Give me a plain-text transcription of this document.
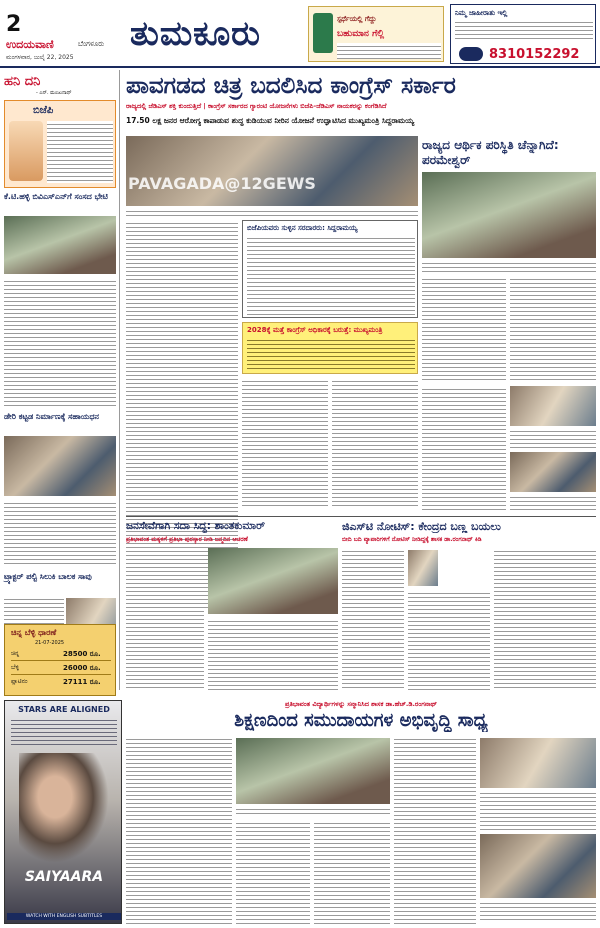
2
ಉದಯವಾಣಿ	ಬೆಂಗಳೂರು
ಮಂಗಳವಾರ, ಜುಲೈ 22, 2025
ತುಮಕೂರು	ಸ್ಪರ್ಧೆಯಲ್ಲಿ ಗೆದ್ದು
ಬಹುಮಾನ ಗೆಲ್ಲಿ
ನಿಮ್ಮ ಜಾಹೀರಾತು ಇಲ್ಲಿ
8310152292
ಹನಿ ದನಿ
- ಎನ್. ಮಂಜುನಾಥ್
ಬಿಜೆಪಿ
ಕೆ.ಟಿ.ಹಳ್ಳಿ ಬಿವಿಎಸ್‌ಎನ್‌ಗೆ ಸಂಸದ ಭೇಟಿ
ಡೇರಿ ಕಟ್ಟಡ ನಿರ್ಮಾಣಕ್ಕೆ ಸಹಾಯಧನ
ಟ್ರ್ಯಾಕ್ಟರ್ ಪಲ್ಟಿ ಸಿಲುಕಿ ಬಾಲಕ ಸಾವು
ಚಿನ್ನ ಬೆಳ್ಳಿ ಧಾರಣೆ
21-07-2025
ಚಿನ್ನ	28500 ರೂ.
ಬೆಳ್ಳಿ	26000 ರೂ.
ಪ್ಲಾಟಿನಂ	27111 ರೂ.
ಪಾವಗಡದ ಚಿತ್ರ ಬದಲಿಸಿದ ಕಾಂಗ್ರೆಸ್ ಸರ್ಕಾರ
ರಾಜ್ಯದಲ್ಲಿ ಜೆಡಿಎಸ್ ಶಕ್ತಿ ಕುಂದುತ್ತಿದೆ | ಕಾಂಗ್ರೆಸ್ ಸರ್ಕಾರದ ಗ್ಯಾರಂಟಿ ಯೋಜನೆಗಳು ಬಿಜೆಪಿ-ಜೆಡಿಎಸ್ ನಾಯಕರನ್ನು ಕಂಗೆಡಿಸಿದೆ
17.50 ಲಕ್ಷ ಜನರ ಆರೋಗ್ಯ ಕಾಪಾಡುವ ಶುದ್ಧ ಕುಡಿಯುವ ನೀರಿನ ಯೋಜನೆ ಉದ್ಘಾಟಿಸಿದ ಮುಖ್ಯಮಂತ್ರಿ ಸಿದ್ದರಾಮಯ್ಯ
PAVAGADA@12GEWS
ಬಿಜೆಪಿಯವರು ಸುಳ್ಳಿನ ಸರದಾರರು: ಸಿದ್ದರಾಮಯ್ಯ
2028ಕ್ಕೆ ಮತ್ತೆ ಕಾಂಗ್ರೆಸ್ ಅಧಿಕಾರಕ್ಕೆ ಬರುತ್ತೆ: ಮುಖ್ಯಮಂತ್ರಿ
ರಾಜ್ಯದ ಆರ್ಥಿಕ ಪರಿಸ್ಥಿತಿ ಚೆನ್ನಾಗಿದೆ: ಪರಮೇಶ್ವರ್
ಜನಸೇವೆಗಾಗಿ ಸದಾ ಸಿದ್ಧ: ಶಾಂತಕುಮಾರ್
ಪ್ರತಿಭಾವಂತ ಮಕ್ಕಳಿಗೆ ಪ್ರತಿಭಾ ಪುರಸ್ಕಾರ ನೀಡಿ ಜನ್ಮದಿನ ಆಚರಣೆ
ಜಿಎಸ್‌ಟಿ ನೋಟಿಸ್: ಕೇಂದ್ರದ ಬಣ್ಣ ಬಯಲು
ಬೀದಿ ಬದಿ ವ್ಯಾಪಾರಿಗಳಿಗೆ ನೋಟಿಸ್ ನೀಡಿದ್ದಕ್ಕೆ ಶಾಸಕ ಡಾ.ರಂಗನಾಥ್ ಕಿಡಿ
STARS ARE ALIGNED
SAIYAARA
WATCH WITH ENGLISH SUBTITLES
ಪ್ರತಿಭಾವಂತ ವಿದ್ಯಾರ್ಥಿಗಳನ್ನು ಸನ್ಮಾನಿಸಿದ ಶಾಸಕ ಡಾ.ಹೆಚ್.ಡಿ.ರಂಗನಾಥ್
ಶಿಕ್ಷಣದಿಂದ ಸಮುದಾಯಗಳ ಅಭಿವೃದ್ಧಿ ಸಾಧ್ಯ
